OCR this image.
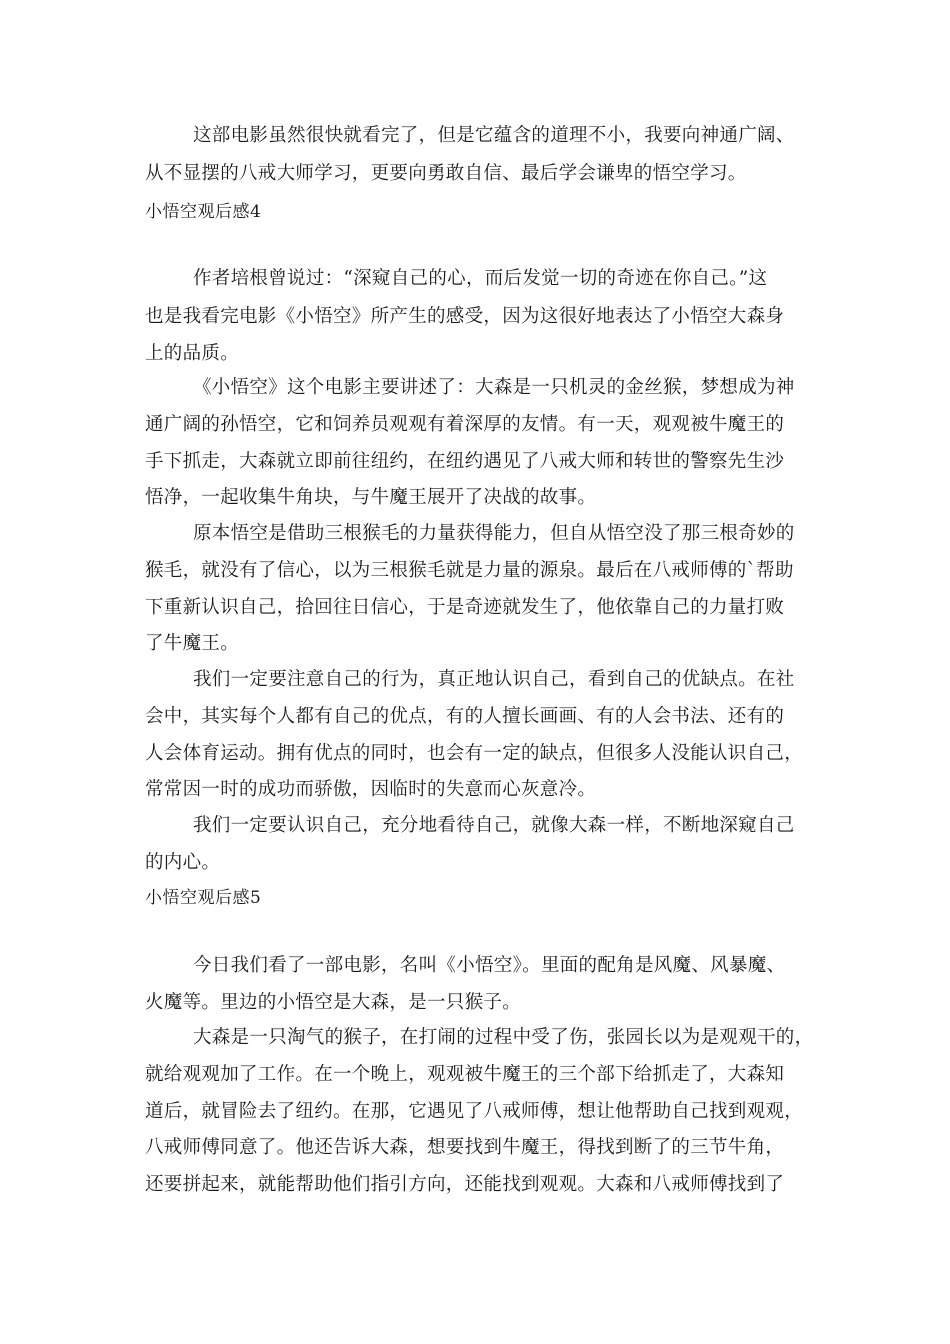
这部电影虽然很快就看完了，但是它蕴含的道理不小，我要向神通广阔、
从不显摆的八戒大师学习，更要向勇敢自信、最后学会谦卑的悟空学习。
小悟空观后感4
作者培根曾说过：“深窥自己的心，而后发觉一切的奇迹在你自己。”这
也是我看完电影《小悟空》所产生的感受，因为这很好地表达了小悟空大森身
上的品质。
《小悟空》这个电影主要讲述了：大森是一只机灵的金丝猴，梦想成为神
通广阔的孙悟空，它和饲养员观观有着深厚的友情。有一天，观观被牛魔王的
手下抓走，大森就立即前往纽约，在纽约遇见了八戒大师和转世的警察先生沙
悟净，一起收集牛角块，与牛魔王展开了决战的故事。
原本悟空是借助三根猴毛的力量获得能力，但自从悟空没了那三根奇妙的
猴毛，就没有了信心，以为三根猴毛就是力量的源泉。最后在八戒师傅的`帮助
下重新认识自己，拾回往日信心，于是奇迹就发生了，他依靠自己的力量打败
了牛魔王。
我们一定要注意自己的行为，真正地认识自己，看到自己的优缺点。在社
会中，其实每个人都有自己的优点，有的人擅长画画、有的人会书法、还有的
人会体育运动。拥有优点的同时，也会有一定的缺点，但很多人没能认识自己，
常常因一时的成功而骄傲，因临时的失意而心灰意冷。
我们一定要认识自己，充分地看待自己，就像大森一样，不断地深窥自己
的内心。
小悟空观后感5
今日我们看了一部电影，名叫《小悟空》。里面的配角是风魔、风暴魔、
火魔等。里边的小悟空是大森，是一只猴子。
大森是一只淘气的猴子，在打闹的过程中受了伤，张园长以为是观观干的，
就给观观加了工作。在一个晚上，观观被牛魔王的三个部下给抓走了，大森知
道后，就冒险去了纽约。在那，它遇见了八戒师傅，想让他帮助自己找到观观，
八戒师傅同意了。他还告诉大森，想要找到牛魔王，得找到断了的三节牛角，
还要拼起来，就能帮助他们指引方向，还能找到观观。大森和八戒师傅找到了
